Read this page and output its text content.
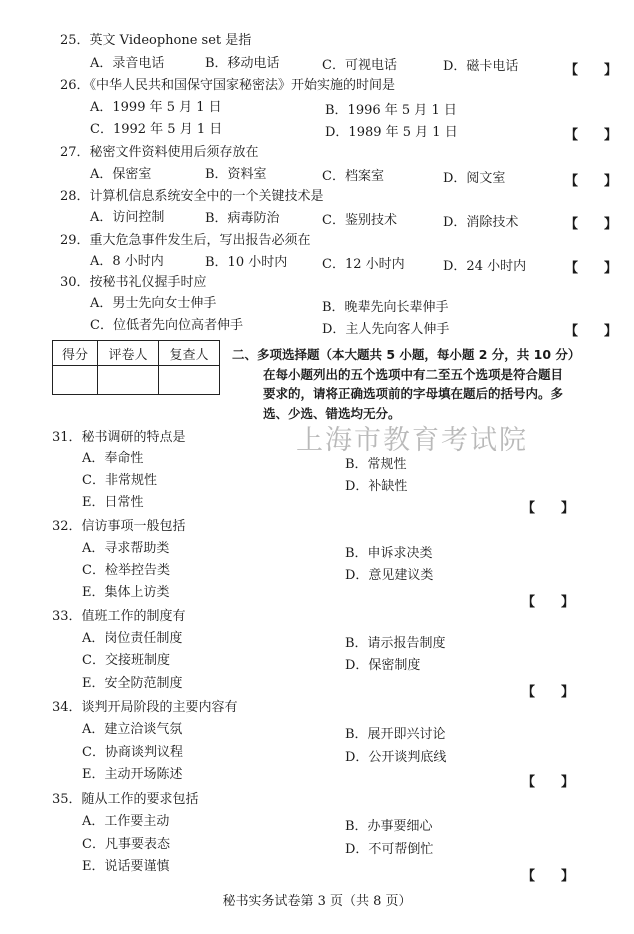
25．英文 Videophone set 是指
A．录音电话	B．移动电话	C．可视电话	D．磁卡电话	【　　】
26．《中华人民共和国保守国家秘密法》开始实施的时间是
A．1999 年 5 月 1 日	B．1996 年 5 月 1 日
C．1992 年 5 月 1 日	D．1989 年 5 月 1 日	【　　】
27．秘密文件资料使用后须存放在
A．保密室	B．资料室	C．档案室	D．阅文室	【　　】
28．计算机信息系统安全中的一个关键技术是
A．访问控制	B．病毒防治	C．鉴别技术	D．消除技术	【　　】
29．重大危急事件发生后，写出报告必须在
A．8 小时内	B．10 小时内	C．12 小时内	D．24 小时内	【　　】
30．按秘书礼仪握手时应
A．男士先向女士伸手	B．晚辈先向长辈伸手
C．位低者先向位高者伸手	D．主人先向客人伸手	【　　】
得分	评卷人	复查人
		二、多项选择题（本大题共 5 小题，每小题 2 分，共 10 分）
在每小题列出的五个选项中有二至五个选项是符合题目
要求的，请将正确选项前的字母填在题后的括号内。多
选、少选、错选均无分。
上海市教育考试院
31．秘书调研的特点是
A．奉命性	B．常规性
C．非常规性	D．补缺性
E．日常性	【　　】
32．信访事项一般包括
A．寻求帮助类	B．申诉求决类
C．检举控告类	D．意见建议类
E．集体上访类
【　　】
33．值班工作的制度有
A．岗位责任制度	B．请示报告制度
C．交接班制度	D．保密制度
E．安全防范制度
【　　】
34．谈判开局阶段的主要内容有
A．建立洽谈气氛	B．展开即兴讨论
C．协商谈判议程	D．公开谈判底线
E．主动开场陈述
【　　】
35．随从工作的要求包括
A．工作要主动	B．办事要细心
C．凡事要表态	D．不可帮倒忙
E．说话要谨慎
【　　】
秘书实务试卷第 3 页（共 8 页）
